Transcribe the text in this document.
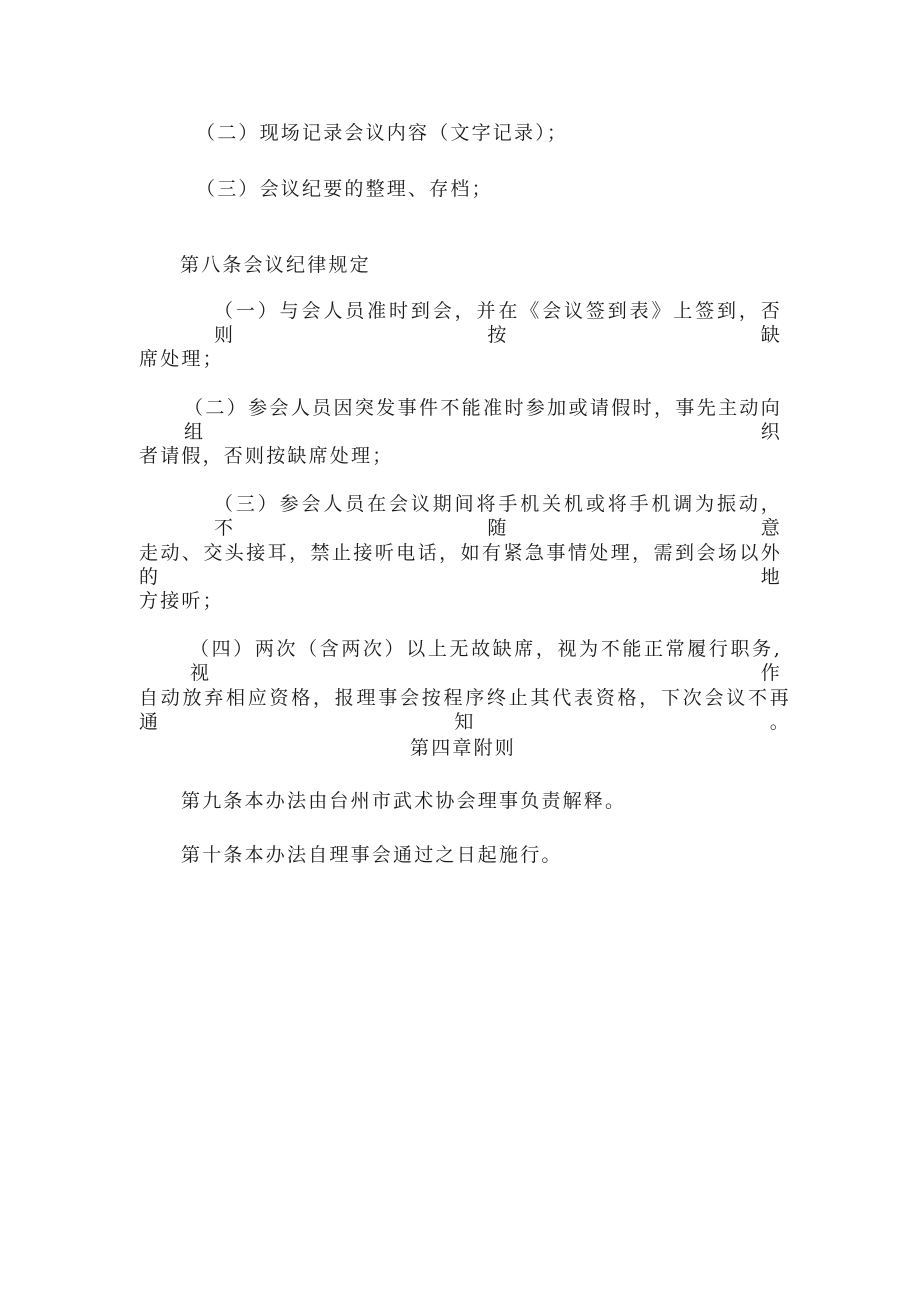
（二）现场记录会议内容（文字记录）；
（三）会议纪要的整理、存档；
第八条会议纪律规定
（一）与会人员准时到会，并在《会议签到表》上签到，否则按缺
席处理；
（二）参会人员因突发事件不能准时参加或请假时，事先主动向组织
者请假，否则按缺席处理；
（三）参会人员在会议期间将手机关机或将手机调为振动，不随意
走动、交头接耳，禁止接听电话，如有紧急事情处理，需到会场以外的地
方接听；
（四）两次（含两次）以上无故缺席，视为不能正常履行职务,视作
自动放弃相应资格，报理事会按程序终止其代表资格，下次会议不再通知。
第四章附则
第九条本办法由台州市武术协会理事负责解释。
第十条本办法自理事会通过之日起施行。
